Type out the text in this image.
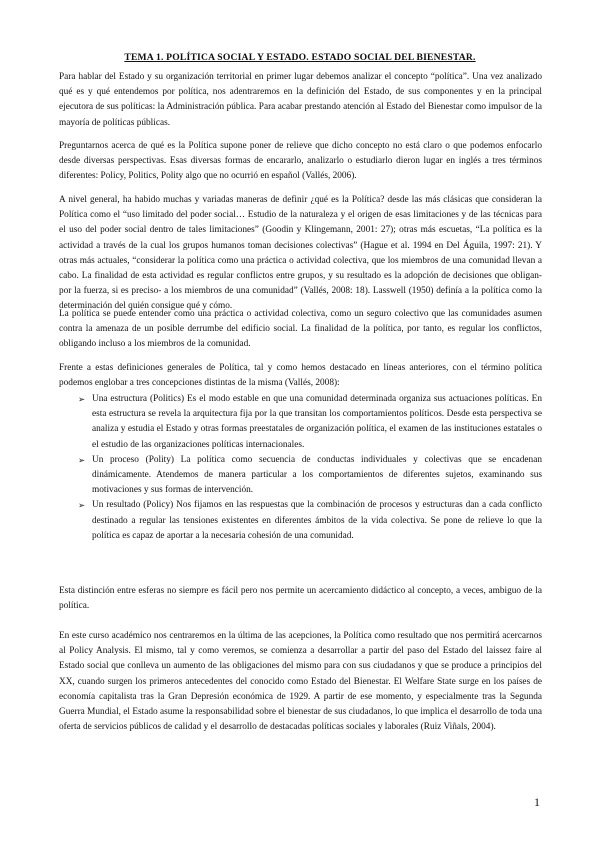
TEMA 1. POLÍTICA SOCIAL Y ESTADO. ESTADO SOCIAL DEL BIENESTAR.

Para hablar del Estado y su organización territorial en primer lugar debemos analizar el concepto “política”. Una vez analizado qué es y qué entendemos por política, nos adentraremos en la definición del Estado, de sus componentes y en la principal ejecutora de sus políticas: la Administración pública. Para acabar prestando atención al Estado del Bienestar como impulsor de la mayoría de políticas públicas.

Preguntarnos acerca de qué es la Política supone poner de relieve que dicho concepto no está claro o que podemos enfocarlo desde diversas perspectivas. Esas diversas formas de encararlo, analizarlo o estudiarlo dieron lugar en inglés a tres términos diferentes: Policy, Politics, Polity algo que no ocurrió en español (Vallés, 2006).

A nivel general, ha habido muchas y variadas maneras de definir ¿qué es la Política? desde las más clásicas que consideran la Política como el “uso limitado del poder social… Estudio de la naturaleza y el origen de esas limitaciones y de las técnicas para el uso del poder social dentro de tales limitaciones” (Goodin y Klingemann, 2001: 27); otras más escuetas, “La política es la actividad a través de la cual los grupos humanos toman decisiones colectivas” (Hague et al. 1994 en Del Águila, 1997: 21). Y otras más actuales, “considerar la política como una práctica o actividad colectiva, que los miembros de una comunidad llevan a cabo. La finalidad de esta actividad es regular conflictos entre grupos, y su resultado es la adopción de decisiones que obligan-por la fuerza, si es preciso- a los miembros de una comunidad” (Vallés, 2008: 18). Lasswell (1950) definía a la política como la determinación del quién consigue qué y cómo.

La política se puede entender como una práctica o actividad colectiva, como un seguro colectivo que las comunidades asumen contra la amenaza de un posible derrumbe del edificio social. La finalidad de la política, por tanto, es regular los conflictos, obligando incluso a los miembros de la comunidad.

Frente a estas definiciones generales de Política, tal y como hemos destacado en líneas anteriores, con el término política podemos englobar a tres concepciones distintas de la misma (Vallés, 2008):

➢ Una estructura (Politics) Es el modo estable en que una comunidad determinada organiza sus actuaciones políticas. En esta estructura se revela la arquitectura fija por la que transitan los comportamientos políticos. Desde esta perspectiva se analiza y estudia el Estado y otras formas preestatales de organización política, el examen de las instituciones estatales o el estudio de las organizaciones políticas internacionales.
➢ Un proceso (Polity) La política como secuencia de conductas individuales y colectivas que se encadenan dinámicamente. Atendemos de manera particular a los comportamientos de diferentes sujetos, examinando sus motivaciones y sus formas de intervención.
➢ Un resultado (Policy) Nos fijamos en las respuestas que la combinación de procesos y estructuras dan a cada conflicto destinado a regular las tensiones existentes en diferentes ámbitos de la vida colectiva. Se pone de relieve lo que la política es capaz de aportar a la necesaria cohesión de una comunidad.

Esta distinción entre esferas no siempre es fácil pero nos permite un acercamiento didáctico al concepto, a veces, ambiguo de la política.

En este curso académico nos centraremos en la última de las acepciones, la Política como resultado que nos permitirá acercarnos al Policy Analysis. El mismo, tal y como veremos, se comienza a desarrollar a partir del paso del Estado del laissez faire al Estado social que conlleva un aumento de las obligaciones del mismo para con sus ciudadanos y que se produce a principios del XX, cuando surgen los primeros antecedentes del conocido como Estado del Bienestar. El Welfare State surge en los países de economía capitalista tras la Gran Depresión económica de 1929. A partir de ese momento, y especialmente tras la Segunda Guerra Mundial, el Estado asume la responsabilidad sobre el bienestar de sus ciudadanos, lo que implica el desarrollo de toda una oferta de servicios públicos de calidad y el desarrollo de destacadas políticas sociales y laborales (Ruiz Viñals, 2004).

1
